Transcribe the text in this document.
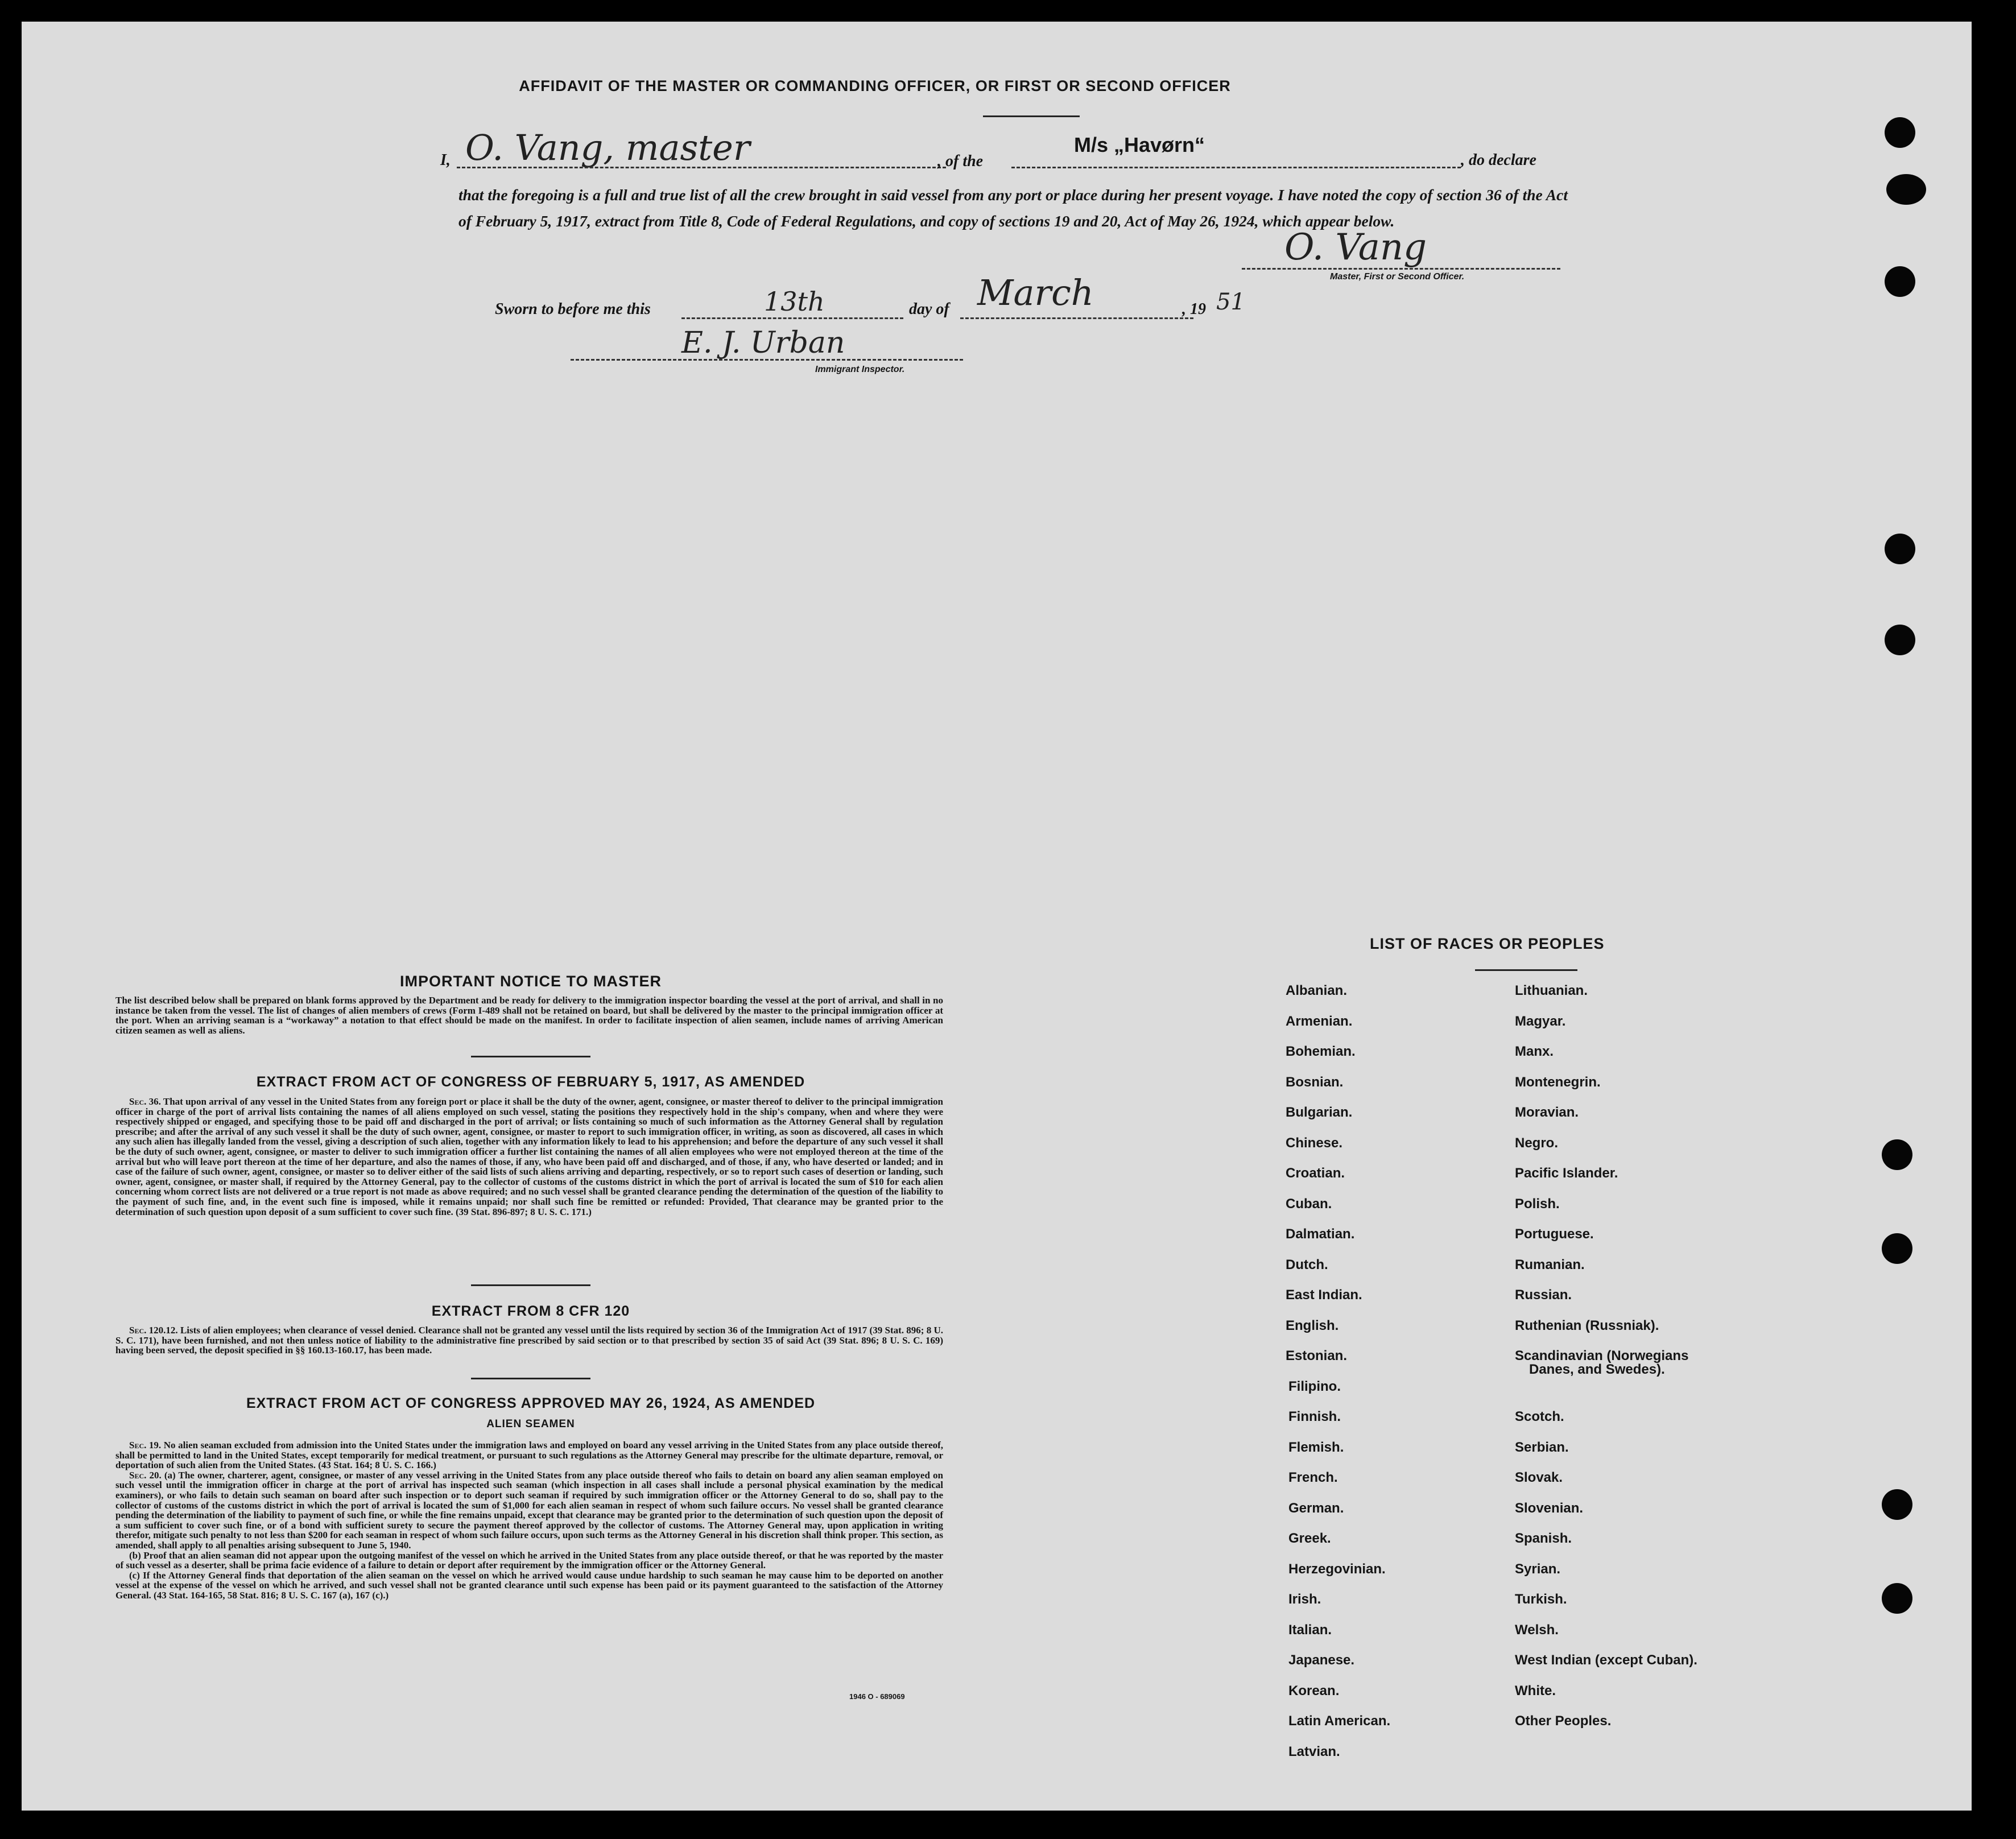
AFFIDAVIT OF THE MASTER OR COMMANDING OFFICER, OR FIRST OR SECOND OFFICER
I, O. Vang, master	, of the
M/s „Havørn“
, do declare
that the foregoing is a full and true list of all the crew brought in said vessel from any port or place during her present voyage. I have noted the copy of section 36 of the Act of February 5, 1917, extract from Title 8, Code of Federal Regulations, and copy of sections 19 and 20, Act of May 26, 1924, which appear below.
O. Vang
Master, First or Second Officer.
Sworn to before me this	13th	day of March	, 19 51
E. J. Urban
Immigrant Inspector.
IMPORTANT NOTICE TO MASTER
The list described below shall be prepared on blank forms approved by the Department and be ready for delivery to the immigration inspector boarding the vessel at the port of arrival, and shall in no instance be taken from the vessel. The list of changes of alien members of crews (Form I-489 shall not be retained on board, but shall be delivered by the master to the principal immigration officer at the port. When an arriving seaman is a “workaway” a notation to that effect should be made on the manifest. In order to facilitate inspection of alien seamen, include names of arriving American citizen seamen as well as aliens.
EXTRACT FROM ACT OF CONGRESS OF FEBRUARY 5, 1917, AS AMENDED

Sec. 36. That upon arrival of any vessel in the United States from any foreign port or place it shall be the duty of the owner, agent, consignee, or master thereof to deliver to the principal immigration officer in charge of the port of arrival lists containing the names of all aliens employed on such vessel, stating the positions they respectively hold in the ship's company, when and where they were respectively shipped or engaged, and specifying those to be paid off and discharged in the port of arrival; or lists containing so much of such information as the Attorney General shall by regulation prescribe; and after the arrival of any such vessel it shall be the duty of such owner, agent, consignee, or master to report to such immigration officer, in writing, as soon as discovered, all cases in which any such alien has illegally landed from the vessel, giving a description of such alien, together with any information likely to lead to his apprehension; and before the departure of any such vessel it shall be the duty of such owner, agent, consignee, or master to deliver to such immigration officer a further list containing the names of all alien employees who were not employed thereon at the time of the arrival but who will leave port thereon at the time of her departure, and also the names of those, if any, who have been paid off and discharged, and of those, if any, who have deserted or landed; and in case of the failure of such owner, agent, consignee, or master so to deliver either of the said lists of such aliens arriving and departing, respectively, or so to report such cases of desertion or landing, such owner, agent, consignee, or master shall, if required by the Attorney General, pay to the collector of customs of the customs district in which the port of arrival is located the sum of $10 for each alien concerning whom correct lists are not delivered or a true report is not made as above required; and no such vessel shall be granted clearance pending the determination of the question of the liability to the payment of such fine, and, in the event such fine is imposed, while it remains unpaid; nor shall such fine be remitted or refunded: Provided, That clearance may be granted prior to the determination of such question upon deposit of a sum sufficient to cover such fine. (39 Stat. 896-897; 8 U. S. C. 171.)

EXTRACT FROM 8 CFR 120

Sec. 120.12. Lists of alien employees; when clearance of vessel denied. Clearance shall not be granted any vessel until the lists required by section 36 of the Immigration Act of 1917 (39 Stat. 896; 8 U. S. C. 171), have been furnished, and not then unless notice of liability to the administrative fine prescribed by said section or to that prescribed by section 35 of said Act (39 Stat. 896; 8 U. S. C. 169) having been served, the deposit specified in §§ 160.13-160.17, has been made.

EXTRACT FROM ACT OF CONGRESS APPROVED MAY 26, 1924, AS AMENDED
ALIEN SEAMEN

Sec. 19. No alien seaman excluded from admission into the United States under the immigration laws and employed on board any vessel arriving in the United States from any place outside thereof, shall be permitted to land in the United States, except temporarily for medical treatment, or pursuant to such regulations as the Attorney General may prescribe for the ultimate departure, removal, or deportation of such alien from the United States. (43 Stat. 164; 8 U. S. C. 166.)

Sec. 20. (a) The owner, charterer, agent, consignee, or master of any vessel arriving in the United States from any place outside thereof who fails to detain on board any alien seaman employed on such vessel until the immigration officer in charge at the port of arrival has inspected such seaman (which inspection in all cases shall include a personal physical examination by the medical examiners), or who fails to detain such seaman on board after such inspection or to deport such seaman if required by such immigration officer or the Attorney General to do so, shall pay to the collector of customs of the customs district in which the port of arrival is located the sum of $1,000 for each alien seaman in respect of whom such failure occurs. No vessel shall be granted clearance pending the determination of the liability to payment of such fine, or while the fine remains unpaid, except that clearance may be granted prior to the determination of such question upon the deposit of a sum sufficient to cover such fine, or of a bond with sufficient surety to secure the payment thereof approved by the collector of customs. The Attorney General may, upon application in writing therefor, mitigate such penalty to not less than $200 for each seaman in respect of whom such failure occurs, upon such terms as the Attorney General in his discretion shall think proper. This section, as amended, shall apply to all penalties arising subsequent to June 5, 1940.

(b) Proof that an alien seaman did not appear upon the outgoing manifest of the vessel on which he arrived in the United States from any place outside thereof, or that he was reported by the master of such vessel as a deserter, shall be prima facie evidence of a failure to detain or deport after requirement by the immigration officer or the Attorney General.

(c) If the Attorney General finds that deportation of the alien seaman on the vessel on which he arrived would cause undue hardship to such seaman he may cause him to be deported on another vessel at the expense of the vessel on which he arrived, and such vessel shall not be granted clearance until such expense has been paid or its payment guaranteed to the satisfaction of the Attorney General. (43 Stat. 164-165, 58 Stat. 816; 8 U. S. C. 167 (a), 167 (c).)

1946 O - 689069
LIST OF RACES OR PEOPLES
Albanian.
Armenian.
Bohemian.
Bosnian.
Bulgarian.
Chinese.
Croatian.
Cuban.
Dalmatian.
Dutch.
East Indian.
English.
Estonian.
Filipino.
Finnish.
Flemish.
French.
German.
Greek.
Herzegovinian.
Irish.
Italian.
Japanese.
Korean.
Latin American.
Latvian.
Lithuanian.
Magyar.
Manx.
Montenegrin.
Moravian.
Negro.
Pacific Islander.
Polish.
Portuguese.
Rumanian.
Russian.
Ruthenian (Russniak).
Scandinavian (Norwegians
Danes, and Swedes).
Scotch.
Serbian.
Slovak.
Slovenian.
Spanish.
Syrian.
Turkish.
Welsh.
West Indian (except Cuban).
White.
Other Peoples.
